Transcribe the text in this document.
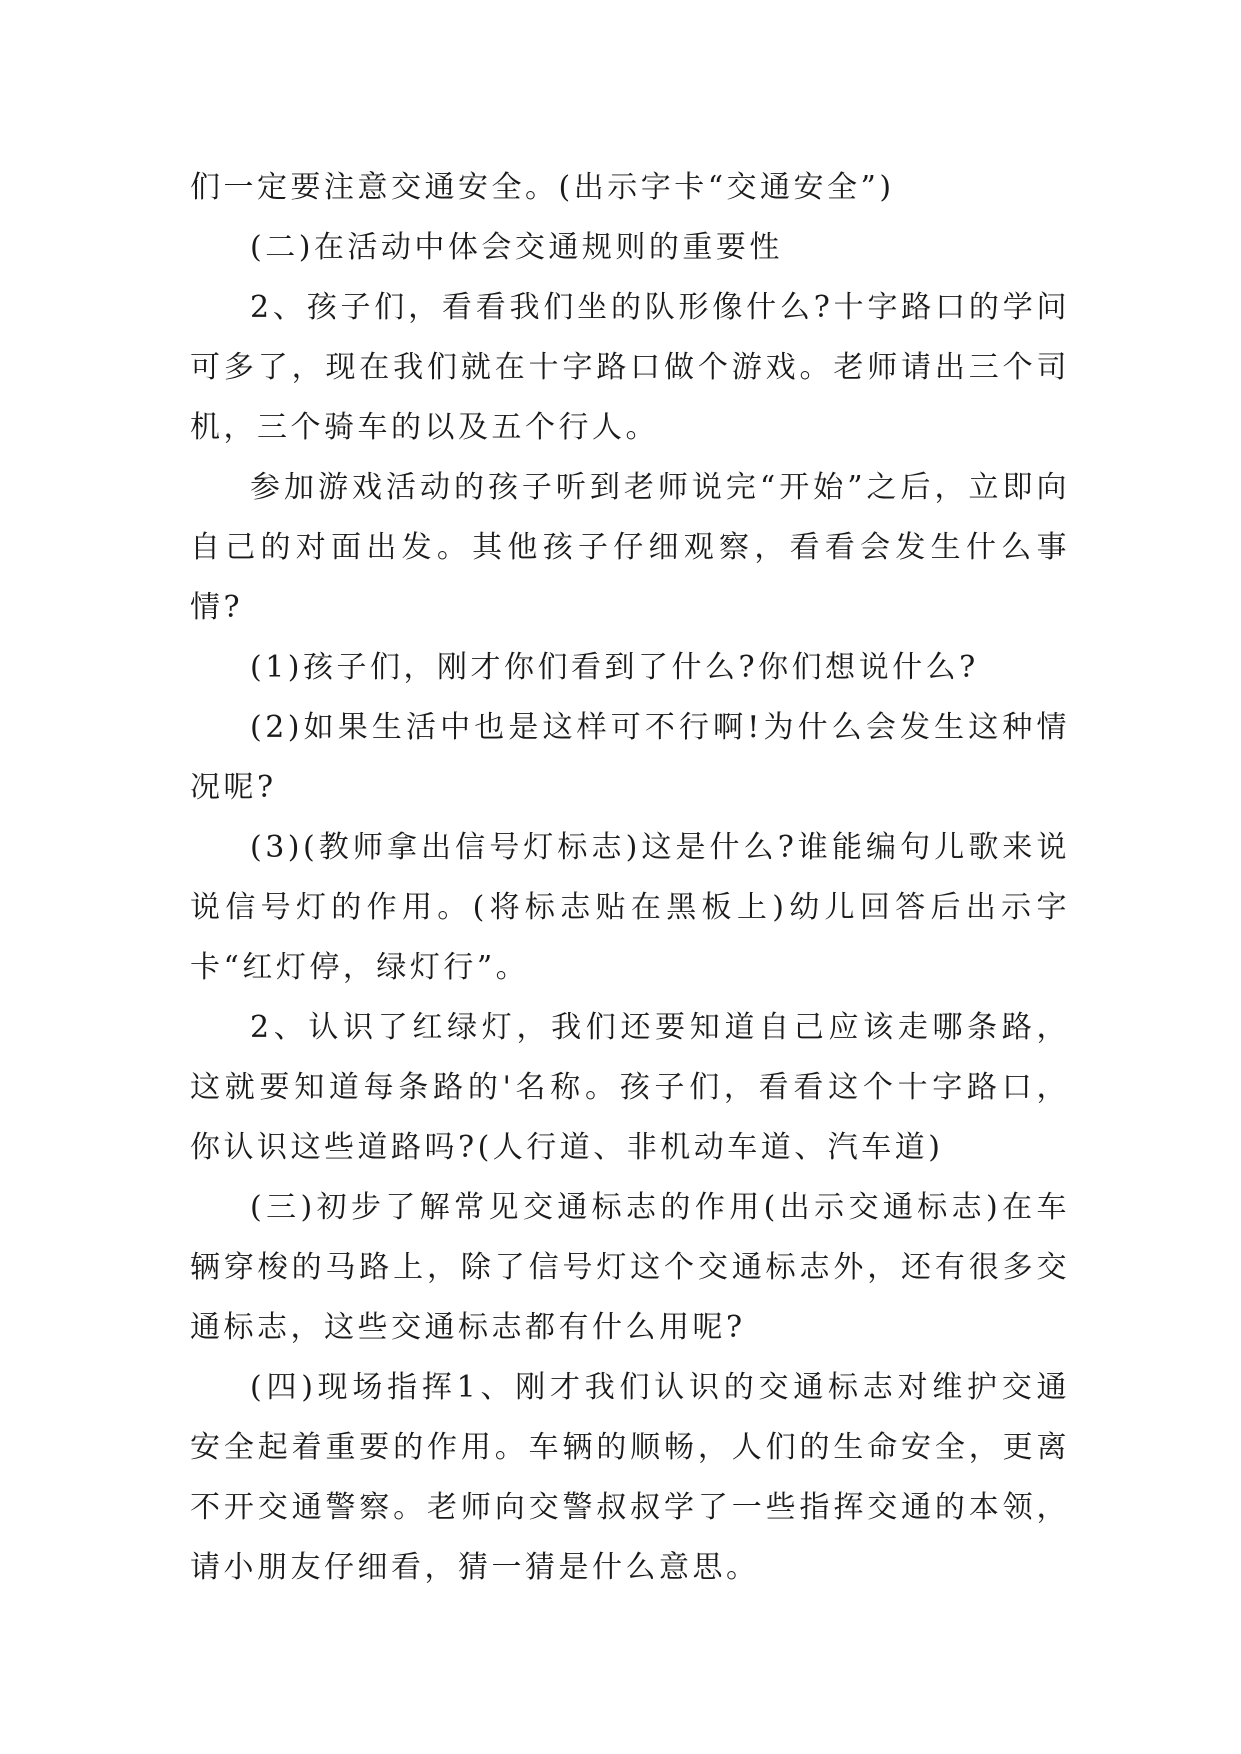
们一定要注意交通安全。(出示字卡“交通安全”)

(二)在活动中体会交通规则的重要性

2、孩子们，看看我们坐的队形像什么?十字路口的学问可多了，现在我们就在十字路口做个游戏。老师请出三个司机，三个骑车的以及五个行人。

参加游戏活动的孩子听到老师说完“开始”之后，立即向自己的对面出发。其他孩子仔细观察，看看会发生什么事情?

(1)孩子们，刚才你们看到了什么?你们想说什么?

(2)如果生活中也是这样可不行啊!为什么会发生这种情况呢?

(3)(教师拿出信号灯标志)这是什么?谁能编句儿歌来说说信号灯的作用。(将标志贴在黑板上)幼儿回答后出示字卡“红灯停，绿灯行”。

2、认识了红绿灯，我们还要知道自己应该走哪条路，这就要知道每条路的'名称。孩子们，看看这个十字路口，你认识这些道路吗?(人行道、非机动车道、汽车道)

(三)初步了解常见交通标志的作用(出示交通标志)在车辆穿梭的马路上，除了信号灯这个交通标志外，还有很多交通标志，这些交通标志都有什么用呢?

(四)现场指挥1、刚才我们认识的交通标志对维护交通安全起着重要的作用。车辆的顺畅，人们的生命安全，更离不开交通警察。老师向交警叔叔学了一些指挥交通的本领，请小朋友仔细看，猜一猜是什么意思。
